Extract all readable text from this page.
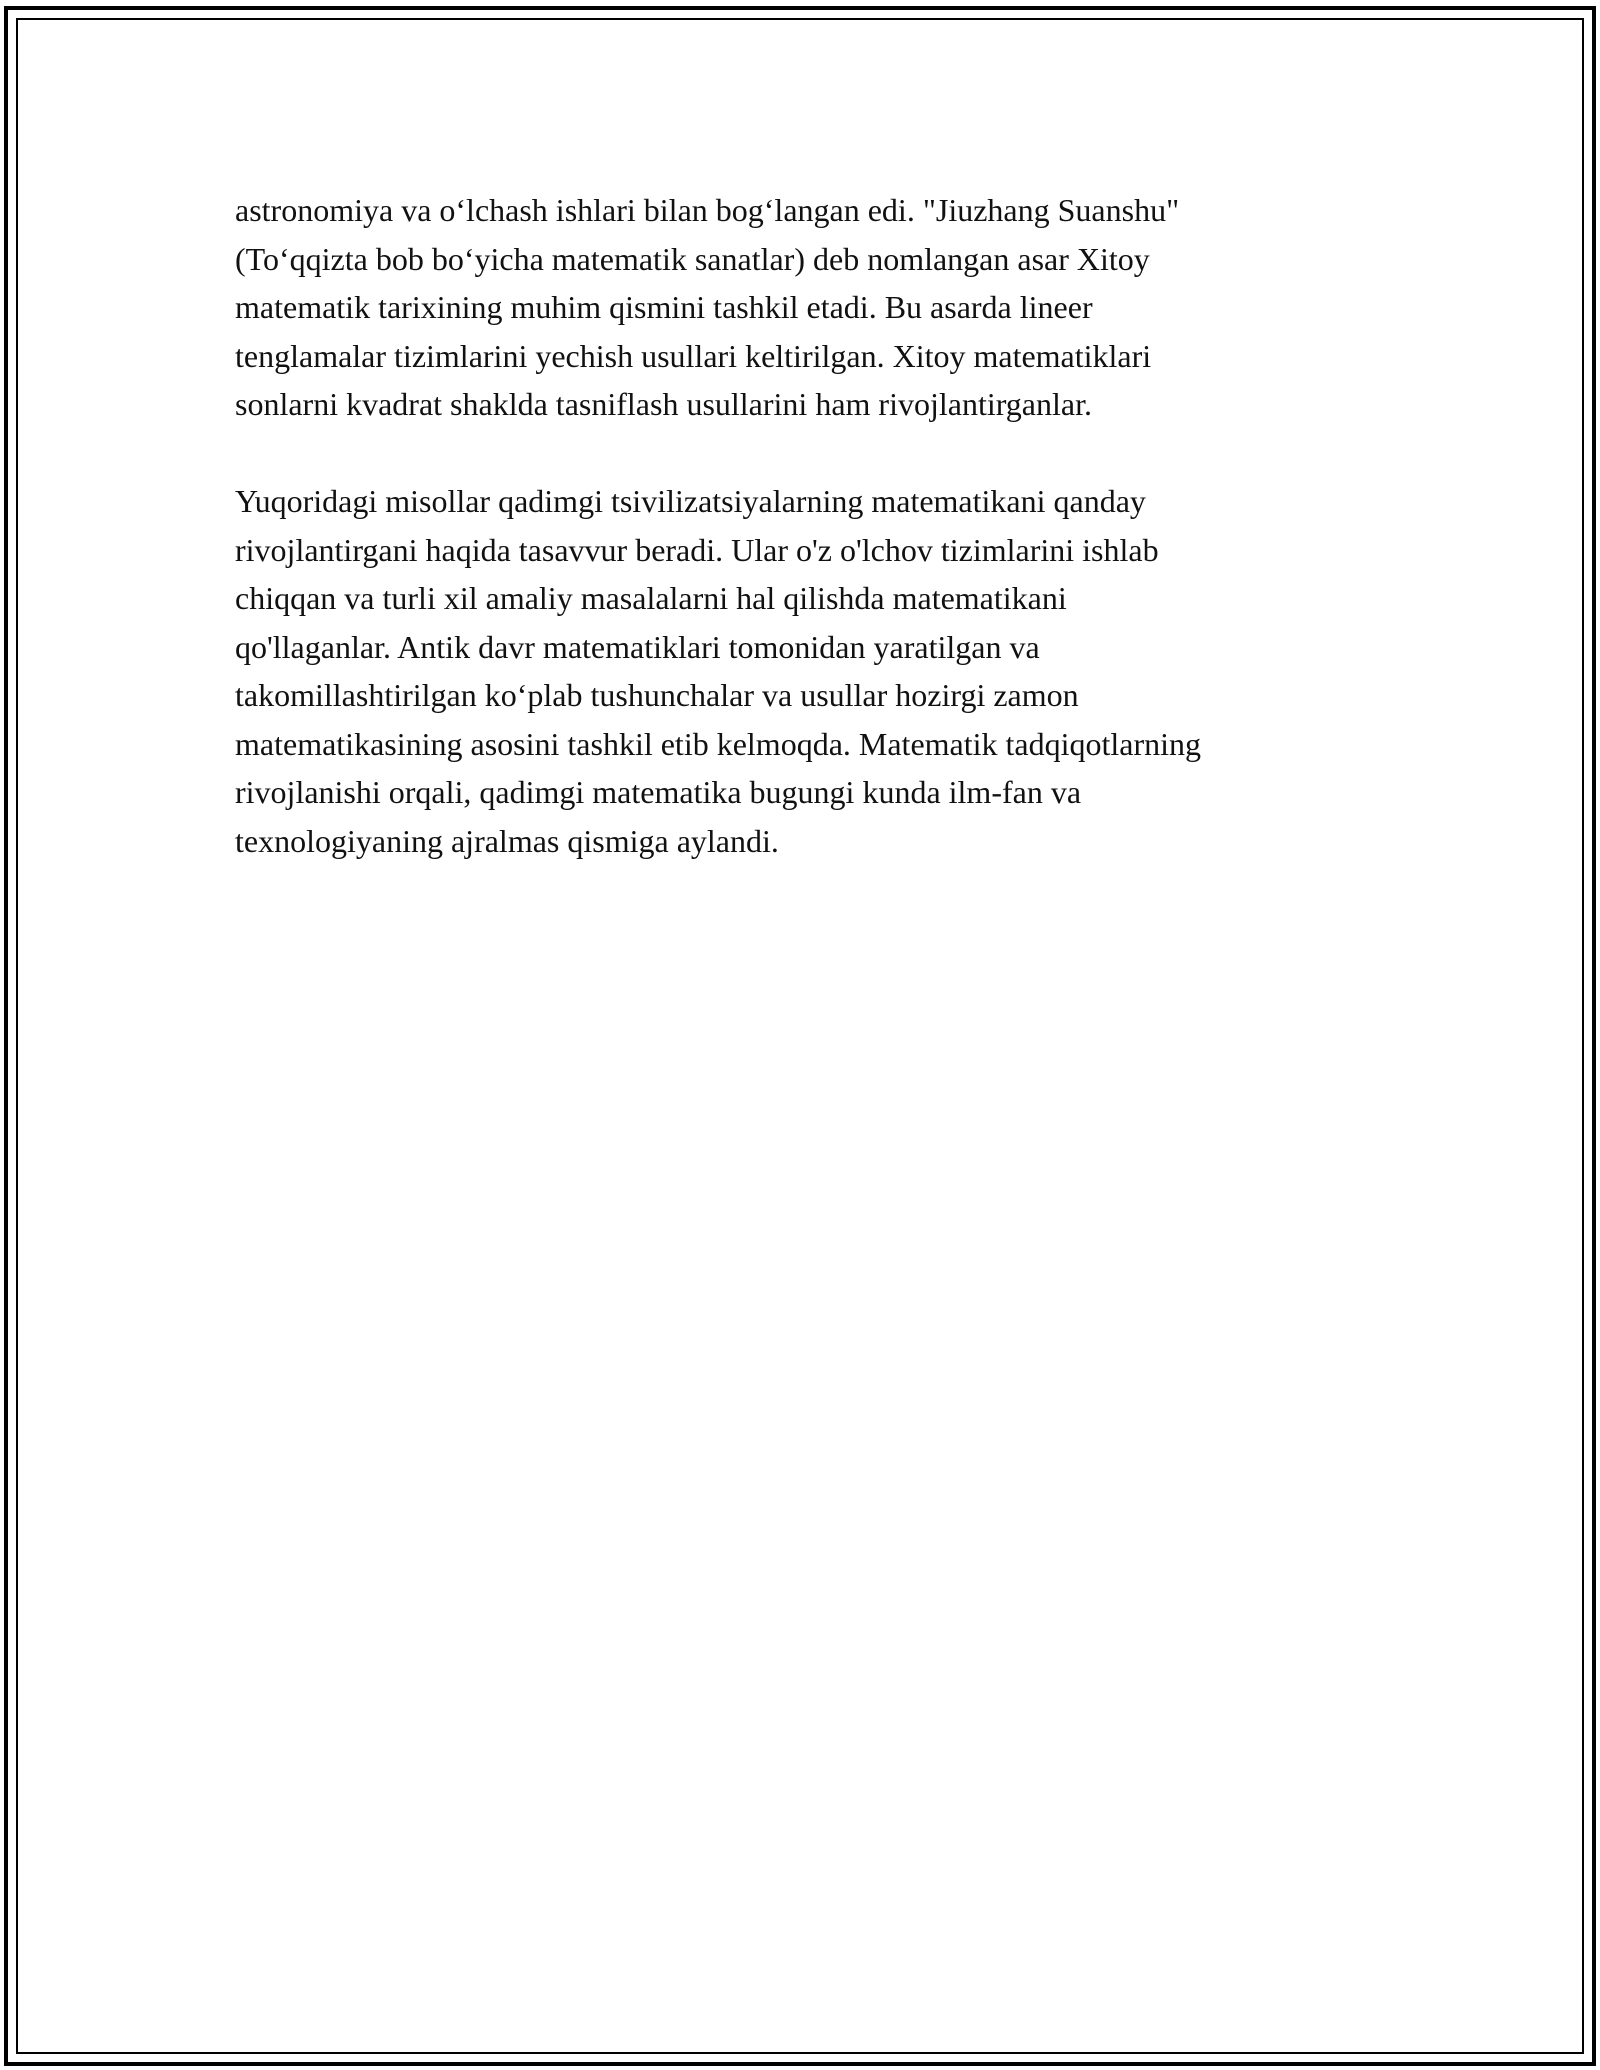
astronomiya va o‘lchash ishlari bilan bog‘langan edi. "Jiuzhang Suanshu"
(To‘qqizta bob bo‘yicha matematik sanatlar) deb nomlangan asar Xitoy
matematik tarixining muhim qismini tashkil etadi. Bu asarda lineer
tenglamalar tizimlarini yechish usullari keltirilgan. Xitoy matematiklari
sonlarni kvadrat shakldа tasniflash usullarini ham rivojlantirganlar.
Yuqoridagi misollar qadimgi tsivilizatsiyalarning matematikani qanday
rivojlantirgani haqida tasavvur beradi. Ular o'z o'lchov tizimlarini ishlab
chiqqan va turli xil amaliy masalalarni hal qilishda matematikani
qo'llaganlar. Antik davr matematiklari tomonidan yaratilgan va
takomillashtirilgan ko‘plab tushunchalar va usullar hozirgi zamon
matematikasining asosini tashkil etib kelmoqda. Matematik tadqiqotlarning
rivojlanishi orqali, qadimgi matematika bugungi kunda ilm-fan va
texnologiyaning ajralmas qismiga aylandi.
